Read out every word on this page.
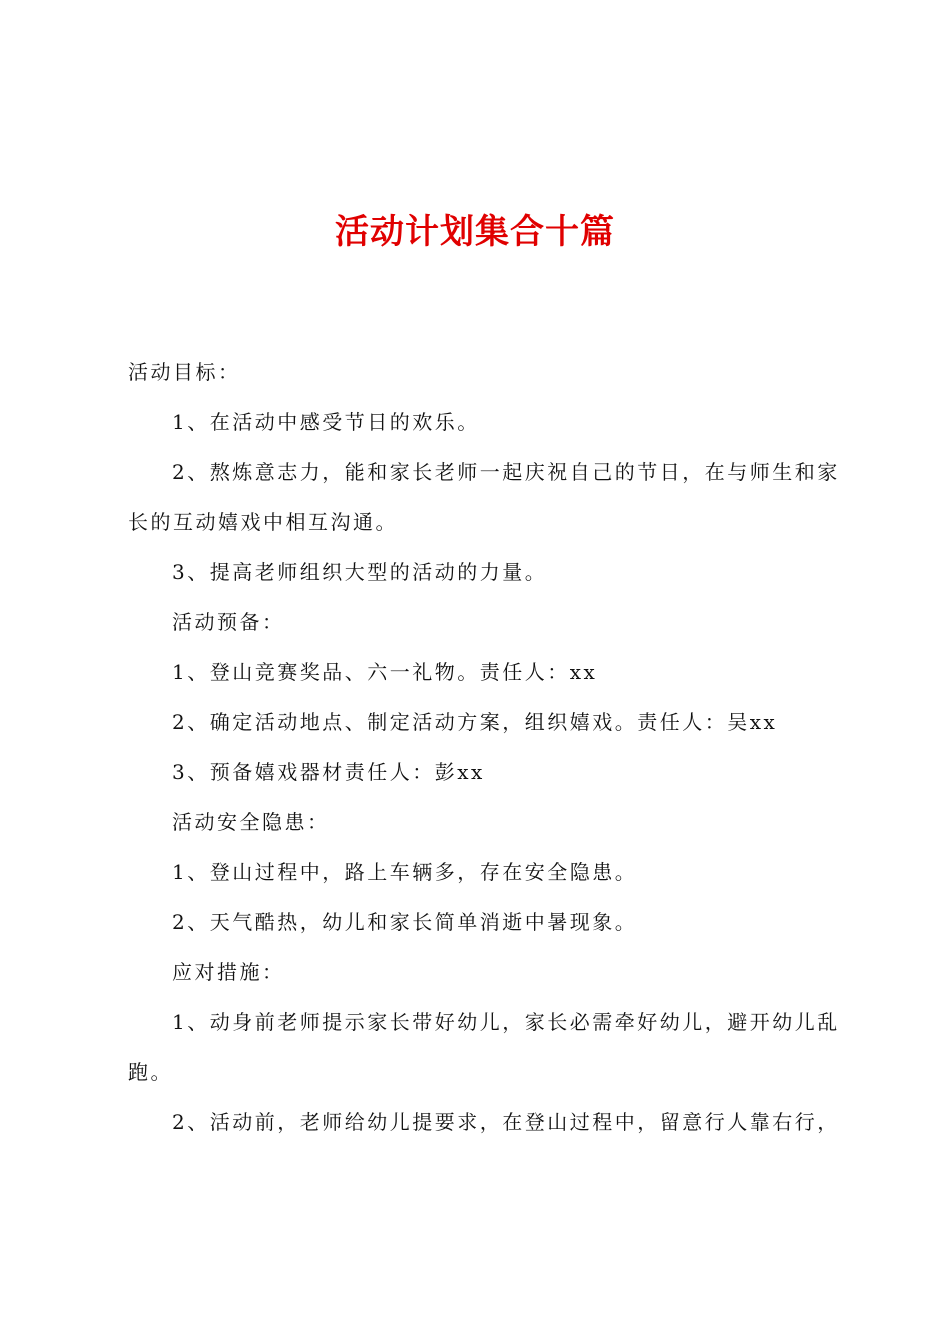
活动计划集合十篇

活动目标：

1、在活动中感受节日的欢乐。

2、熬炼意志力，能和家长老师一起庆祝自己的节日，在与师生和家

长的互动嬉戏中相互沟通。

3、提高老师组织大型的活动的力量。

活动预备：

1、登山竞赛奖品、六一礼物。责任人：xx

2、确定活动地点、制定活动方案，组织嬉戏。责任人：吴xx

3、预备嬉戏器材责任人：彭xx

活动安全隐患：

1、登山过程中，路上车辆多，存在安全隐患。

2、天气酷热，幼儿和家长简单消逝中暑现象。

应对措施：

1、动身前老师提示家长带好幼儿，家长必需牵好幼儿，避开幼儿乱

跑。

2、活动前，老师给幼儿提要求，在登山过程中，留意行人靠右行，
